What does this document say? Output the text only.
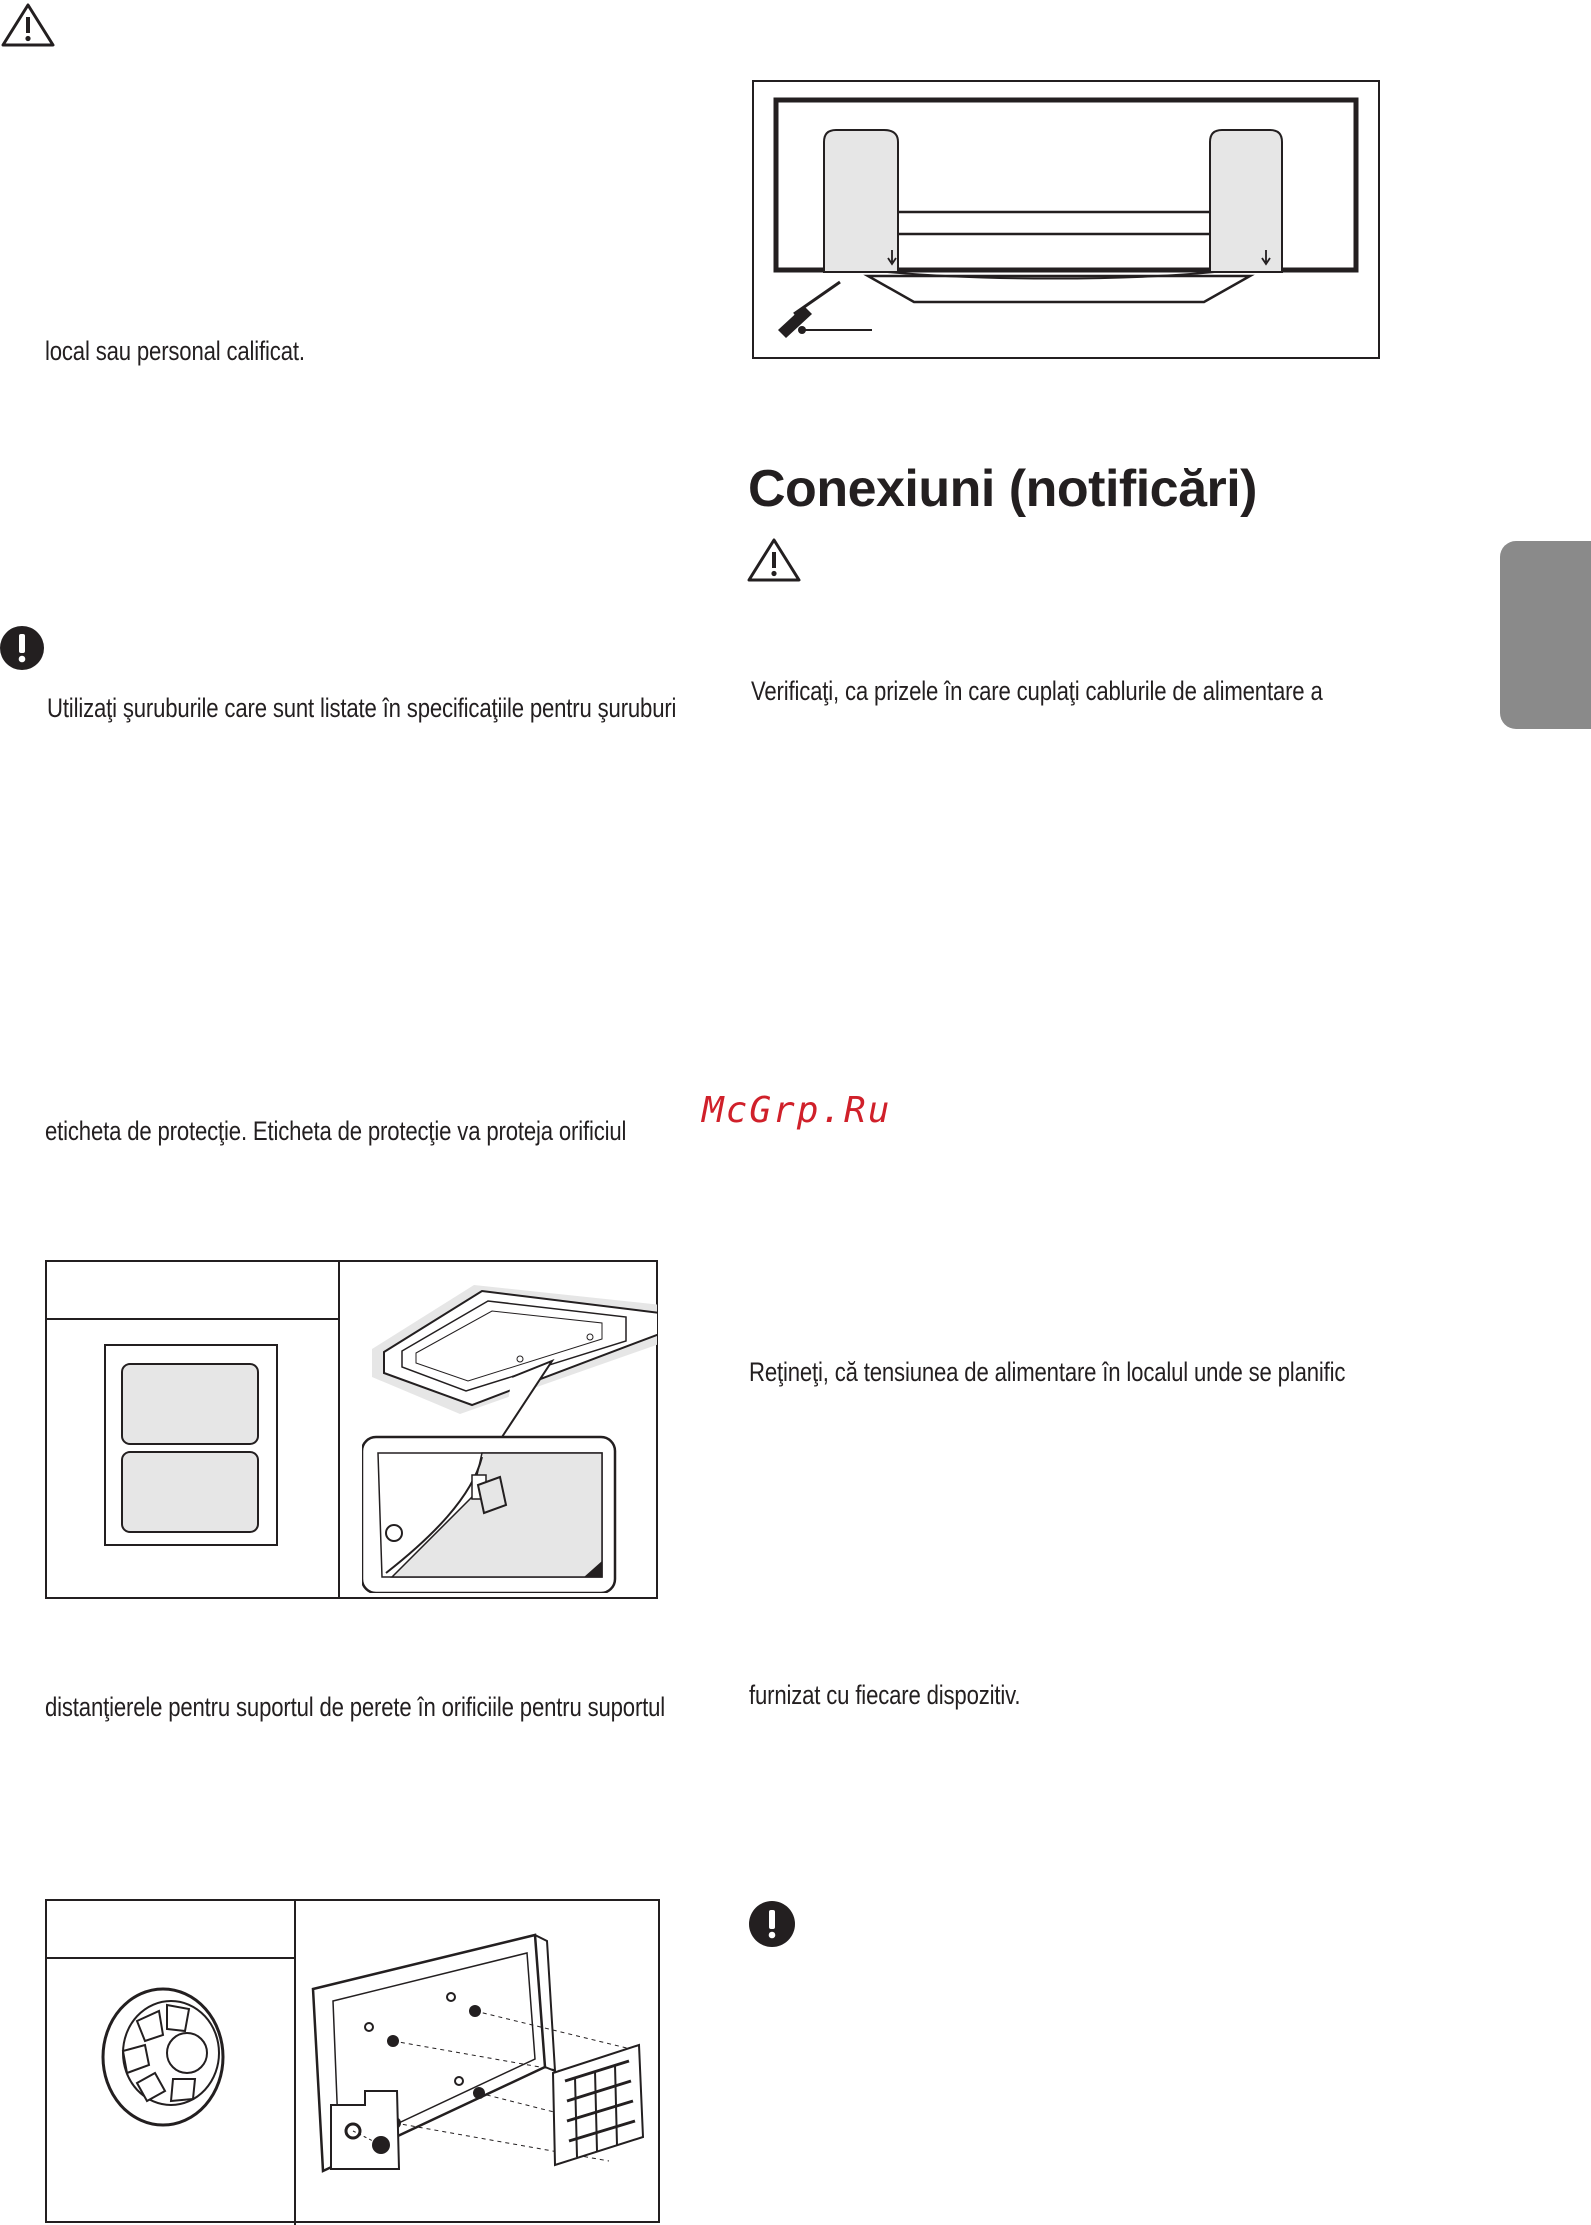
local sau personal calificat.
Utilizaţi şuruburile care sunt listate în specificaţiile pentru şuruburi
eticheta de protecţie. Eticheta de protecţie va proteja orificiul
distanţierele pentru suportul de perete în orificiile pentru suportul
Conexiuni (notificări)
Verificaţi, ca prizele în care cuplaţi cablurile de alimentare a
McGrp.Ru
Reţineţi, că tensiunea de alimentare în localul unde se planific
furnizat cu fiecare dispozitiv.
